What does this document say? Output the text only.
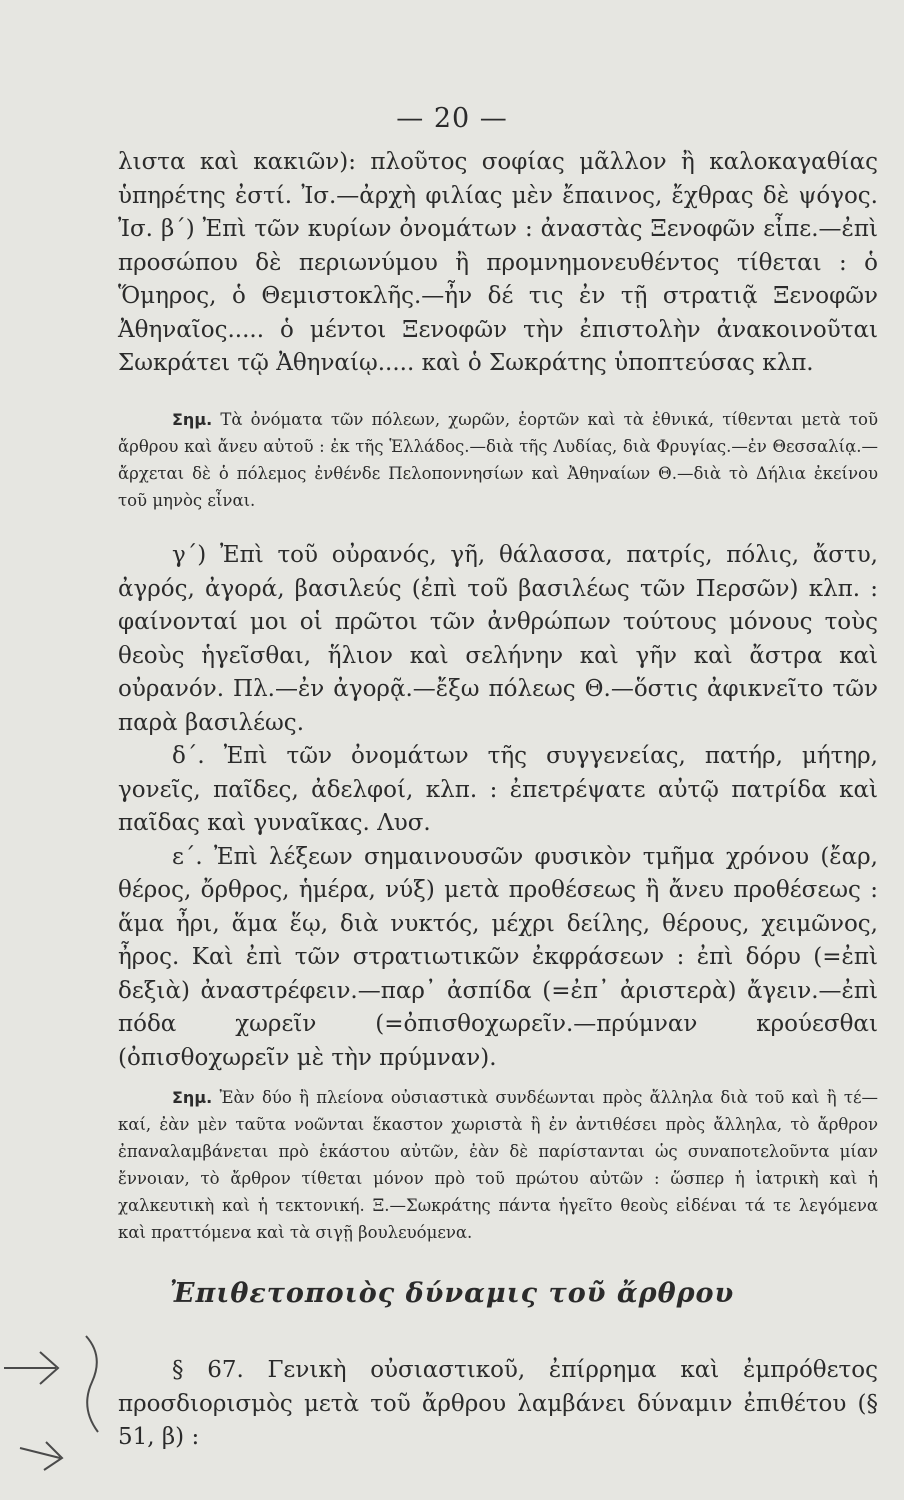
— 20 —

λιστα καὶ κακιῶν): πλοῦτος σοφίας μᾶλλον ἢ καλοκαγαθίας ὑπηρέτης ἐστί. Ἰσ.—ἀρχὴ φιλίας μὲν ἔπαινος, ἔχθρας δὲ ψόγος. Ἰσ. β΄) Ἐπὶ τῶν κυρίων ὀνομάτων : ἀναστὰς Ξενοφῶν εἶπε.—ἐπὶ προσώπου δὲ περιωνύμου ἢ προμνημονευθέντος τίθεται : ὁ Ὅμηρος, ὁ Θεμιστοκλῆς.—ἦν δέ τις ἐν τῇ στρατιᾷ Ξενοφῶν Ἀθηναῖος..... ὁ μέντοι Ξενοφῶν τὴν ἐπιστολὴν ἀνακοινοῦται Σωκράτει τῷ Ἀθηναίῳ..... καὶ ὁ Σωκράτης ὑποπτεύσας κλπ.

Σημ. Τὰ ὀνόματα τῶν πόλεων, χωρῶν, ἑορτῶν καὶ τὰ ἐθνικά, τίθενται μετὰ τοῦ ἄρθρου καὶ ἄνευ αὐτοῦ : ἐκ τῆς Ἑλλάδος.—διὰ τῆς Λυδίας, διὰ Φρυγίας.—ἐν Θεσσαλίᾳ.—ἄρχεται δὲ ὁ πόλεμος ἐνθένδε Πελοποννησίων καὶ Ἀθηναίων Θ.—διὰ τὸ Δήλια ἐκείνου τοῦ μηνὸς εἶναι.

γ΄) Ἐπὶ τοῦ οὐρανός, γῆ, θάλασσα, πατρίς, πόλις, ἄστυ, ἀγρός, ἀγορά, βασιλεύς (ἐπὶ τοῦ βασιλέως τῶν Περσῶν) κλπ. : φαίνονταί μοι οἱ πρῶτοι τῶν ἀνθρώπων τούτους μόνους τοὺς θεοὺς ἡγεῖσθαι, ἥλιον καὶ σελήνην καὶ γῆν καὶ ἄστρα καὶ οὐρανόν. Πλ.—ἐν ἀγορᾷ.—ἔξω πόλεως Θ.—ὅστις ἀφικνεῖτο τῶν παρὰ βασιλέως.

δ΄. Ἐπὶ τῶν ὀνομάτων τῆς συγγενείας, πατήρ, μήτηρ, γονεῖς, παῖδες, ἀδελφοί, κλπ. : ἐπετρέψατε αὐτῷ πατρίδα καὶ παῖδας καὶ γυναῖκας. Λυσ.

ε΄. Ἐπὶ λέξεων σημαινουσῶν φυσικὸν τμῆμα χρόνου (ἔαρ, θέρος, ὄρθρος, ἡμέρα, νύξ) μετὰ προθέσεως ἢ ἄνευ προθέσεως : ἅμα ἦρι, ἅμα ἕῳ, διὰ νυκτός, μέχρι δείλης, θέρους, χειμῶνος, ἦρος. Καὶ ἐπὶ τῶν στρατιωτικῶν ἐκφράσεων : ἐπὶ δόρυ (=ἐπὶ δεξιὰ) ἀναστρέφειν.—παρ᾿ ἀσπίδα (=ἐπ᾿ ἀριστερὰ) ἄγειν.—ἐπὶ πόδα χωρεῖν (=ὀπισθοχωρεῖν.—πρύμναν κρούεσθαι (ὀπισθοχωρεῖν μὲ τὴν πρύμναν).

Σημ. Ἐὰν δύο ἢ πλείονα οὐσιαστικὰ συνδέωνται πρὸς ἄλληλα διὰ τοῦ καὶ ἢ τέ—καί, ἐὰν μὲν ταῦτα νοῶνται ἕκαστον χωριστὰ ἢ ἐν ἀντιθέσει πρὸς ἄλληλα, τὸ ἄρθρον ἐπαναλαμβάνεται πρὸ ἑκάστου αὐτῶν, ἐὰν δὲ παρίστανται ὡς συναποτελοῦντα μίαν ἔννοιαν, τὸ ἄρθρον τίθεται μόνον πρὸ τοῦ πρώτου αὐτῶν : ὥσπερ ἡ ἰατρικὴ καὶ ἡ χαλκευτικὴ καὶ ἡ τεκτονική. Ξ.—Σωκράτης πάντα ἡγεῖτο θεοὺς εἰδέναι τά τε λεγόμενα καὶ πραττόμενα καὶ τὰ σιγῇ βουλευόμενα.

Ἐπιθετοποιὸς δύναμις τοῦ ἄρθρου

§ 67. Γενικὴ οὐσιαστικοῦ, ἐπίρρημα καὶ ἐμπρόθετος προσδιορισμὸς μετὰ τοῦ ἄρθρου λαμβάνει δύναμιν ἐπιθέτου (§ 51, β) :
